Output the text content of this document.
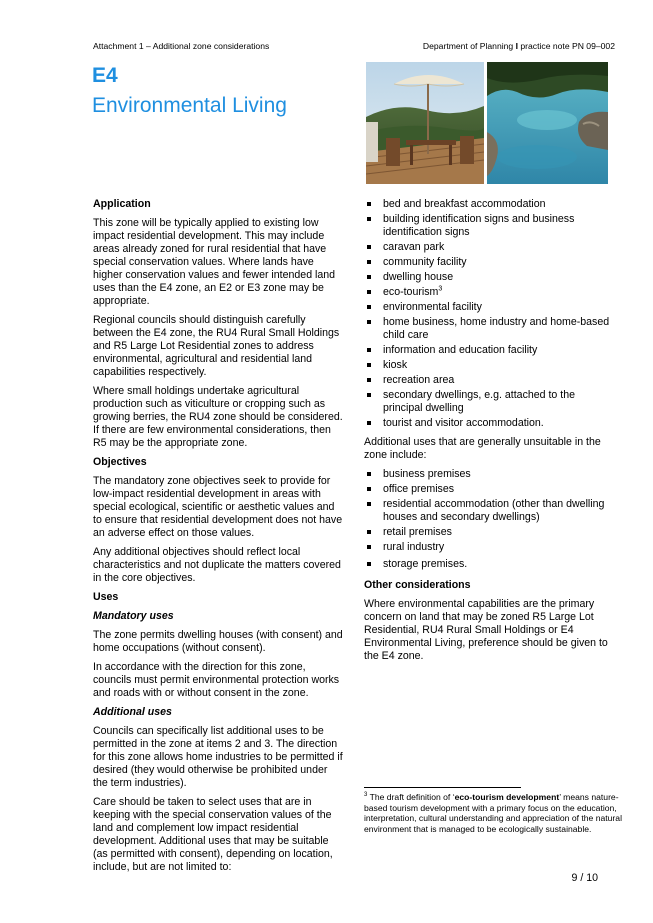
Attachment 1 – Additional zone considerations	Department of Planning I practice note PN 09–002
E4
Environmental Living
Application

This zone will be typically applied to existing low impact residential development. This may include areas already zoned for rural residential that have special conservation values. Where lands have higher conservation values and fewer intended land uses than the E4 zone, an E2 or E3 zone may be appropriate.

Regional councils should distinguish carefully between the E4 zone, the RU4 Rural Small Holdings and R5 Large Lot Residential zones to address environmental, agricultural and residential land capabilities respectively.

Where small holdings undertake agricultural production such as viticulture or cropping such as growing berries, the RU4 zone should be considered. If there are few environmental considerations, then R5 may be the appropriate zone.

Objectives

The mandatory zone objectives seek to provide for low-impact residential development in areas with special ecological, scientific or aesthetic values and to ensure that residential development does not have an adverse effect on those values.

Any additional objectives should reflect local characteristics and not duplicate the matters covered in the core objectives.

Uses
Mandatory uses

The zone permits dwelling houses (with consent) and home occupations (without consent).

In accordance with the direction for this zone, councils must permit environmental protection works and roads with or without consent in the zone.

Additional uses

Councils can specifically list additional uses to be permitted in the zone at items 2 and 3. The direction for this zone allows home industries to be permitted if desired (they would otherwise be prohibited under the term industries).

Care should be taken to select uses that are in keeping with the special conservation values of the land and complement low impact residential development. Additional uses that may be suitable (as permitted with consent), depending on location, include, but are not limited to:

bed and breakfast accommodation
building identification signs and business identification signs
caravan park
community facility
dwelling house
eco-tourism$^3$
environmental facility
home business, home industry and home-based child care
information and education facility
kiosk
recreation area
secondary dwellings, e.g. attached to the principal dwelling
tourist and visitor accommodation.

Additional uses that are generally unsuitable in the zone include:

business premises
office premises
residential accommodation (other than dwelling houses and secondary dwellings)
retail premises
rural industry
storage premises.
Other considerations

Where environmental capabilities are the primary concern on land that may be zoned R5 Large Lot Residential, RU4 Rural Small Holdings or E4 Environmental Living, preference should be given to the E4 zone.

$^3$ The draft definition of ‘eco-tourism development’ means nature-based tourism development with a primary focus on the education, interpretation, cultural understanding and appreciation of the natural environment that is managed to be ecologically sustainable.
9 / 10
